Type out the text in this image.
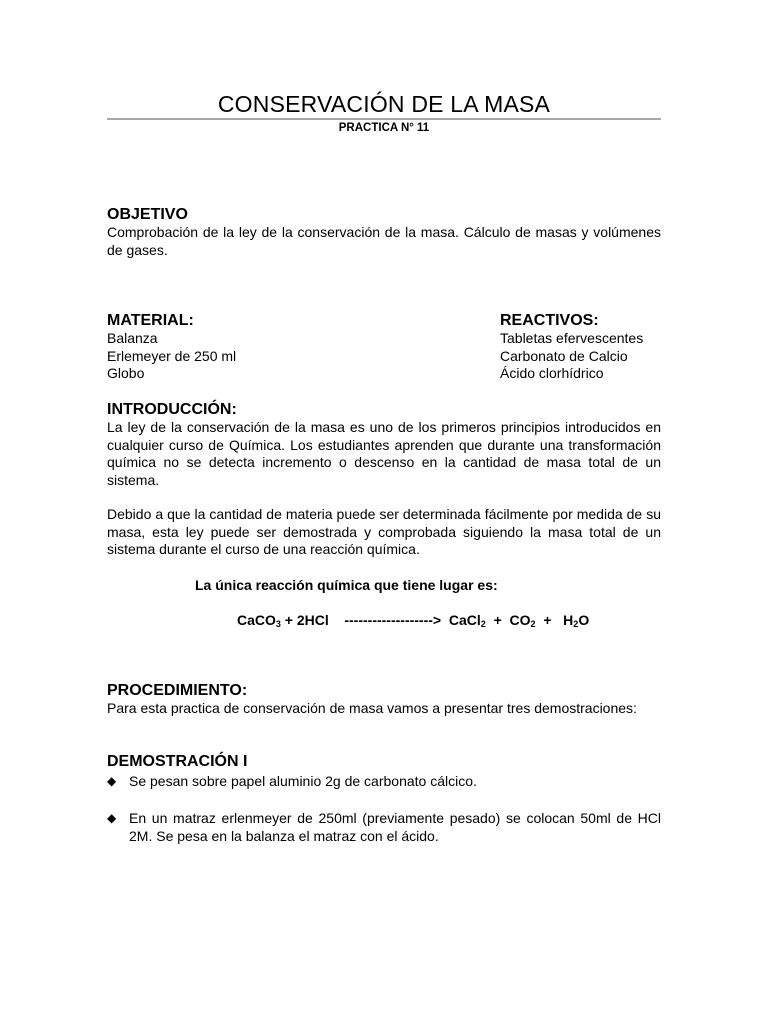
CONSERVACIÓN DE LA MASA
PRACTICA N° 11
OBJETIVO

Comprobación de la ley de la conservación de la masa. Cálculo de masas y volúmenes de gases.

MATERIAL:
Balanza
Erlemeyer de 250 ml
Globo
REACTIVOS:
Tabletas efervescentes
Carbonato de Calcio
Ácido clorhídrico
INTRODUCCIÓN:

La ley de la conservación de la masa es uno de los primeros principios introducidos en cualquier curso de Química. Los estudiantes aprenden que durante una transformación química no se detecta incremento o descenso en la cantidad de masa total de un sistema.

Debido a que la cantidad de materia puede ser determinada fácilmente por medida de su masa, esta ley puede ser demostrada y comprobada siguiendo la masa total de un sistema durante el curso de una reacción química.

La única reacción química que tiene lugar es:
CaCO$_3$ + 2HCl    ------------------->  CaCl$_2$  +  $CO_2 + H_2O$
PROCEDIMIENTO:

Para esta practica de conservación de masa vamos a presentar tres demostraciones:

DEMOSTRACIÓN I
◆ Se pesan sobre papel aluminio 2g de carbonato cálcico.
◆ En un matraz erlenmeyer de 250ml (previamente pesado) se colocan 50ml de HCl 2M. Se pesa en la balanza el matraz con el ácido.
